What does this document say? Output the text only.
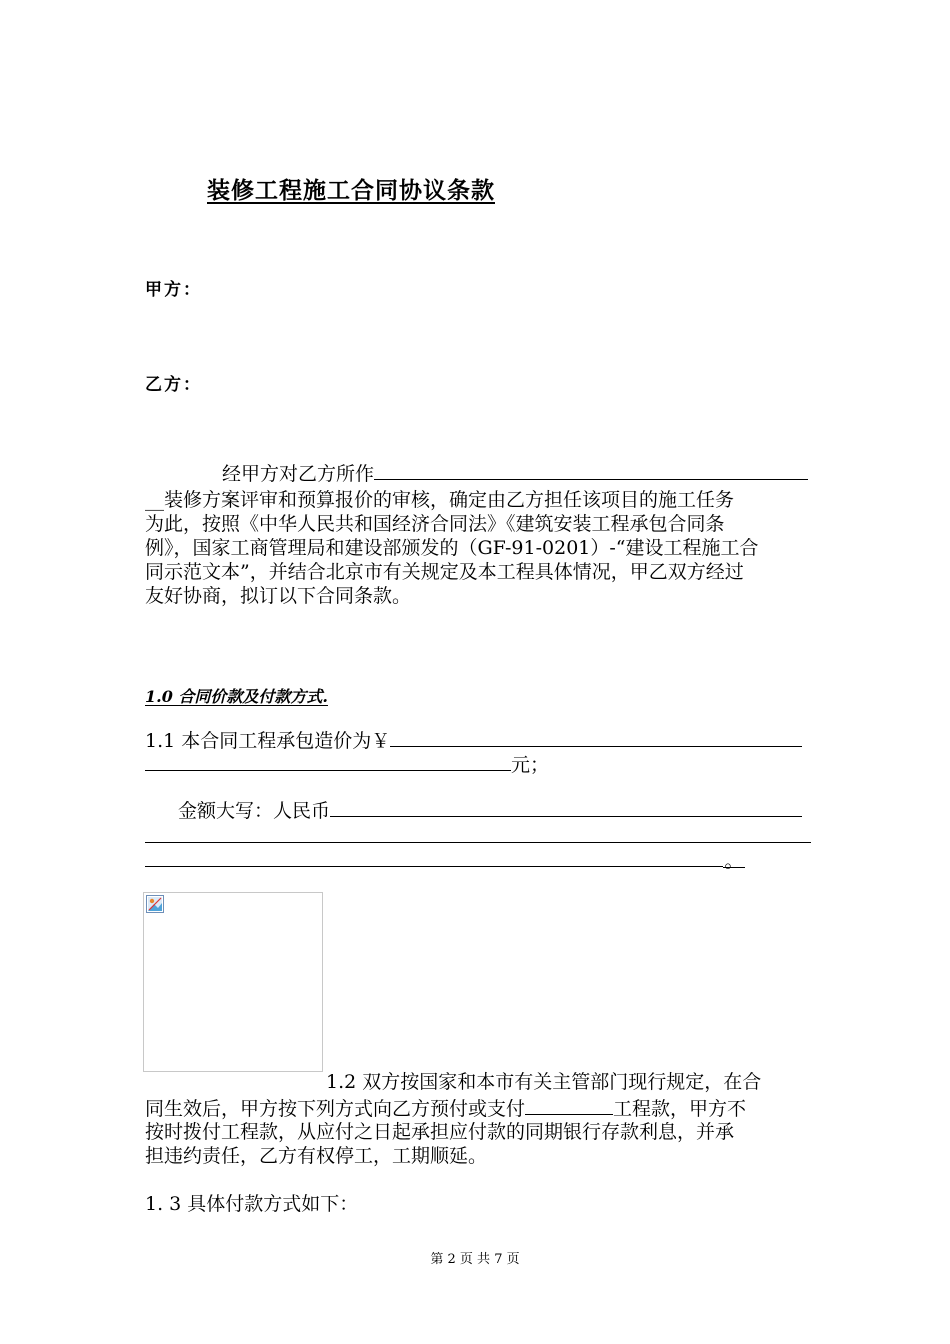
装修工程施工合同协议条款
甲方：
乙方：
经甲方对乙方所作
__装修方案评审和预算报价的审核，确定由乙方担任该项目的施工任务
为此，按照《中华人民共和国经济合同法》《建筑安装工程承包合同条
例》，国家工商管理局和建设部颁发的（GF-91-0201）-“建设工程施工合
同示范文本”，并结合北京市有关规定及本工程具体情况，甲乙双方经过
友好协商，拟订以下合同条款。
1.0 合同价款及付款方式.
1.1 本合同工程承包造价为￥
元；
金额大写：人民币
。
1.2 双方按国家和本市有关主管部门现行规定，在合
同生效后，甲方按下列方式向乙方预付或支付	工程款，甲方不
按时拨付工程款，从应付之日起承担应付款的同期银行存款利息，并承
担违约责任，乙方有权停工，工期顺延。
1. 3 具体付款方式如下：
第 2 页 共 7 页
